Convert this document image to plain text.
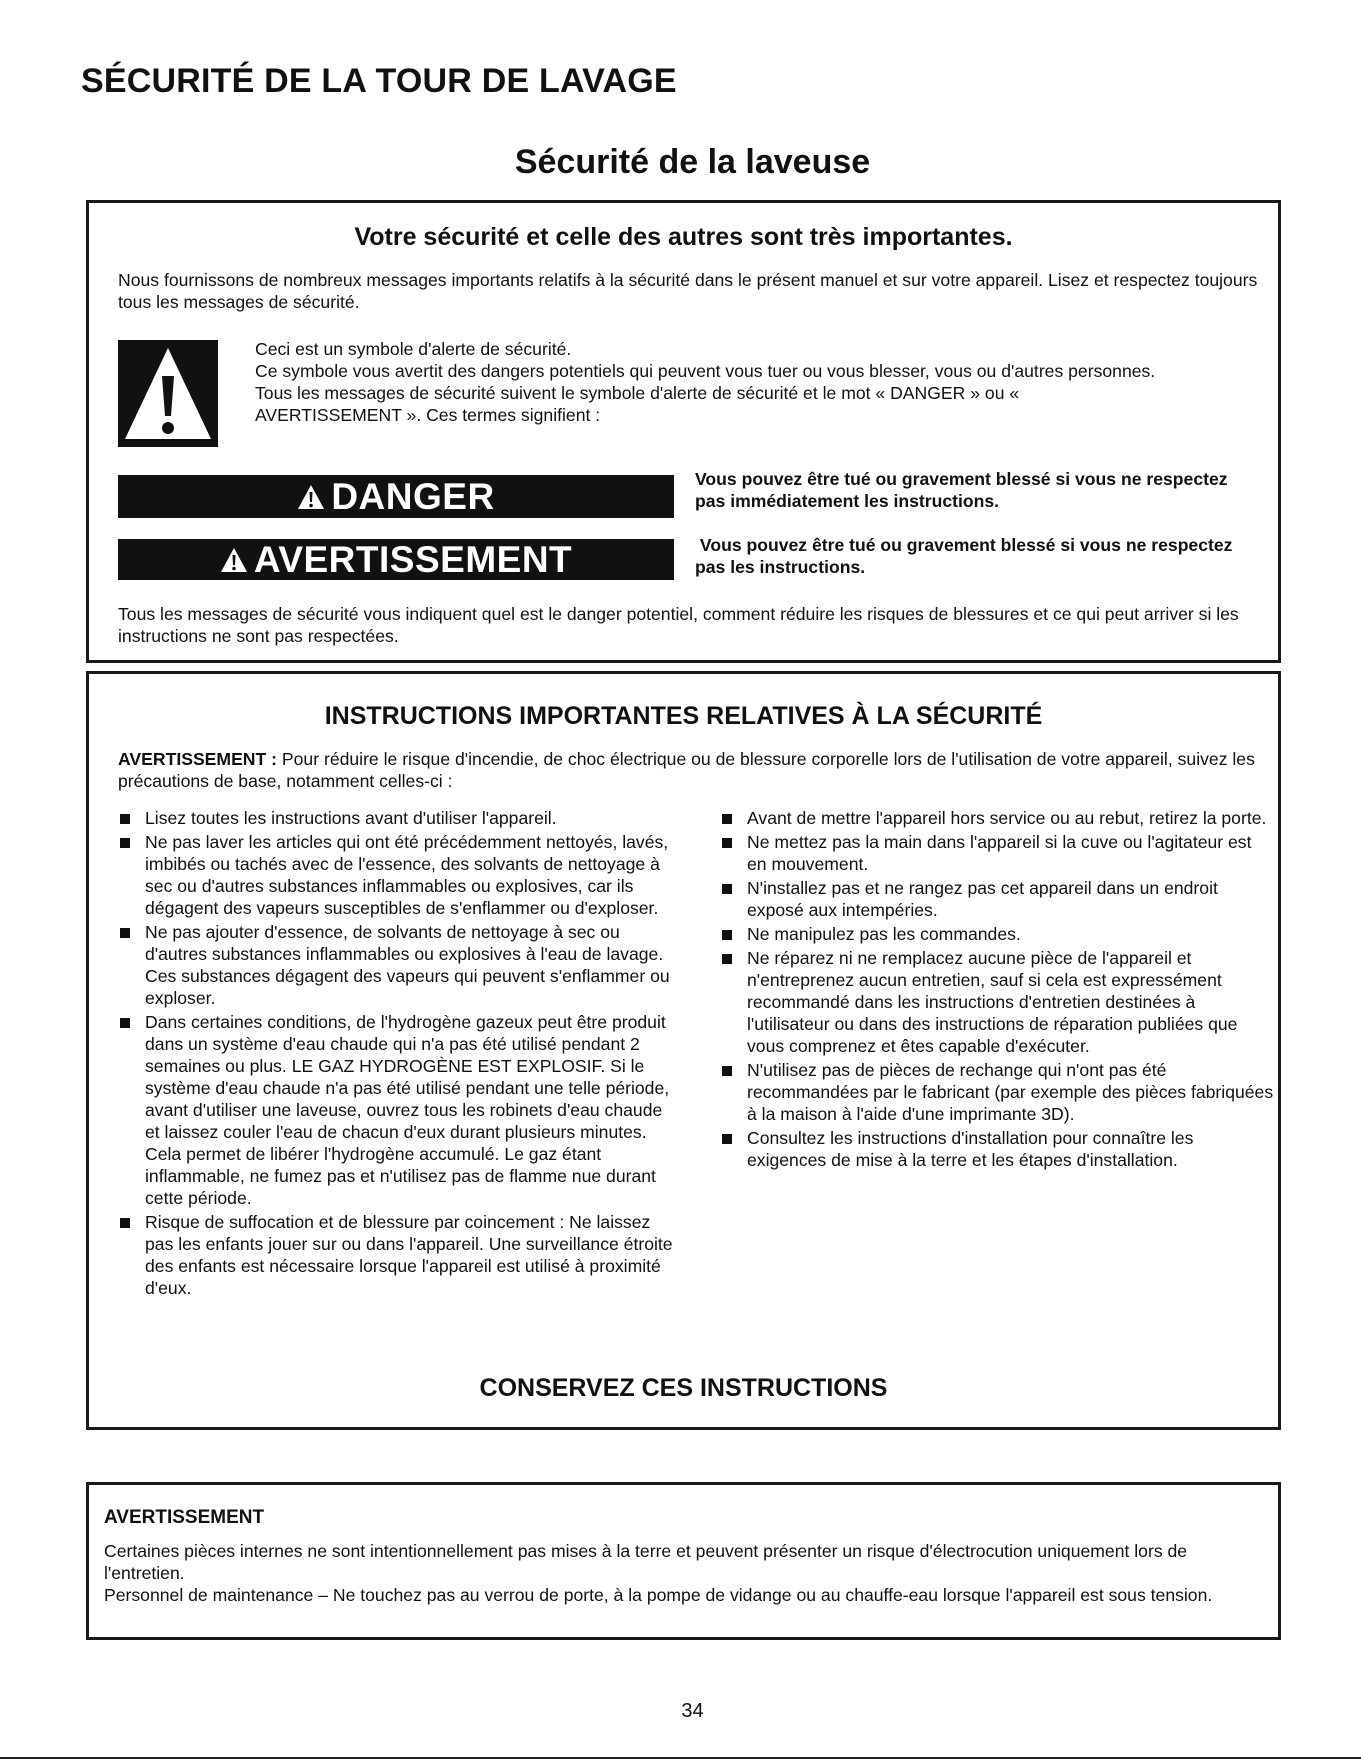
SÉCURITÉ DE LA TOUR DE LAVAGE
Sécurité de la laveuse
Votre sécurité et celle des autres sont très importantes.

Nous fournissons de nombreux messages importants relatifs à la sécurité dans le présent manuel et sur votre appareil. Lisez et respectez toujours tous les messages de sécurité.

Ceci est un symbole d'alerte de sécurité.
Ce symbole vous avertit des dangers potentiels qui peuvent vous tuer ou vous blesser, vous ou d'autres personnes.
Tous les messages de sécurité suivent le symbole d'alerte de sécurité et le mot « DANGER » ou « AVERTISSEMENT ». Ces termes signifient :
DANGER	Vous pouvez être tué ou gravement blessé si vous ne respectez pas immédiatement les instructions.
AVERTISSEMENT	Vous pouvez être tué ou gravement blessé si vous ne respectez pas les instructions.

Tous les messages de sécurité vous indiquent quel est le danger potentiel, comment réduire les risques de blessures et ce qui peut arriver si les instructions ne sont pas respectées.

INSTRUCTIONS IMPORTANTES RELATIVES À LA SÉCURITÉ

AVERTISSEMENT : Pour réduire le risque d'incendie, de choc électrique ou de blessure corporelle lors de l'utilisation de votre appareil, suivez les précautions de base, notamment celles-ci :

Lisez toutes les instructions avant d'utiliser l'appareil.
Ne pas laver les articles qui ont été précédemment nettoyés, lavés, imbibés ou tachés avec de l'essence, des solvants de nettoyage à sec ou d'autres substances inflammables ou explosives, car ils dégagent des vapeurs susceptibles de s'enflammer ou d'exploser.
Ne pas ajouter d'essence, de solvants de nettoyage à sec ou d'autres substances inflammables ou explosives à l'eau de lavage. Ces substances dégagent des vapeurs qui peuvent s'enflammer ou exploser.
Dans certaines conditions, de l'hydrogène gazeux peut être produit dans un système d'eau chaude qui n'a pas été utilisé pendant 2 semaines ou plus. LE GAZ HYDROGÈNE EST EXPLOSIF. Si le système d'eau chaude n'a pas été utilisé pendant une telle période, avant d'utiliser une laveuse, ouvrez tous les robinets d'eau chaude et laissez couler l'eau de chacun d'eux durant plusieurs minutes. Cela permet de libérer l'hydrogène accumulé. Le gaz étant inflammable, ne fumez pas et n'utilisez pas de flamme nue durant cette période.
Risque de suffocation et de blessure par coincement : Ne laissez pas les enfants jouer sur ou dans l'appareil. Une surveillance étroite des enfants est nécessaire lorsque l'appareil est utilisé à proximité d'eux.
Avant de mettre l'appareil hors service ou au rebut, retirez la porte.
Ne mettez pas la main dans l'appareil si la cuve ou l'agitateur est en mouvement.
N'installez pas et ne rangez pas cet appareil dans un endroit exposé aux intempéries.
Ne manipulez pas les commandes.
Ne réparez ni ne remplacez aucune pièce de l'appareil et n'entreprenez aucun entretien, sauf si cela est expressément recommandé dans les instructions d'entretien destinées à l'utilisateur ou dans des instructions de réparation publiées que vous comprenez et êtes capable d'exécuter.
N'utilisez pas de pièces de rechange qui n'ont pas été recommandées par le fabricant (par exemple des pièces fabriquées à la maison à l'aide d'une imprimante 3D).
Consultez les instructions d'installation pour connaître les exigences de mise à la terre et les étapes d'installation.
CONSERVEZ CES INSTRUCTIONS
AVERTISSEMENT

Certaines pièces internes ne sont intentionnellement pas mises à la terre et peuvent présenter un risque d'électrocution uniquement lors de l'entretien.

Personnel de maintenance – Ne touchez pas au verrou de porte, à la pompe de vidange ou au chauffe-eau lorsque l'appareil est sous tension.

34
